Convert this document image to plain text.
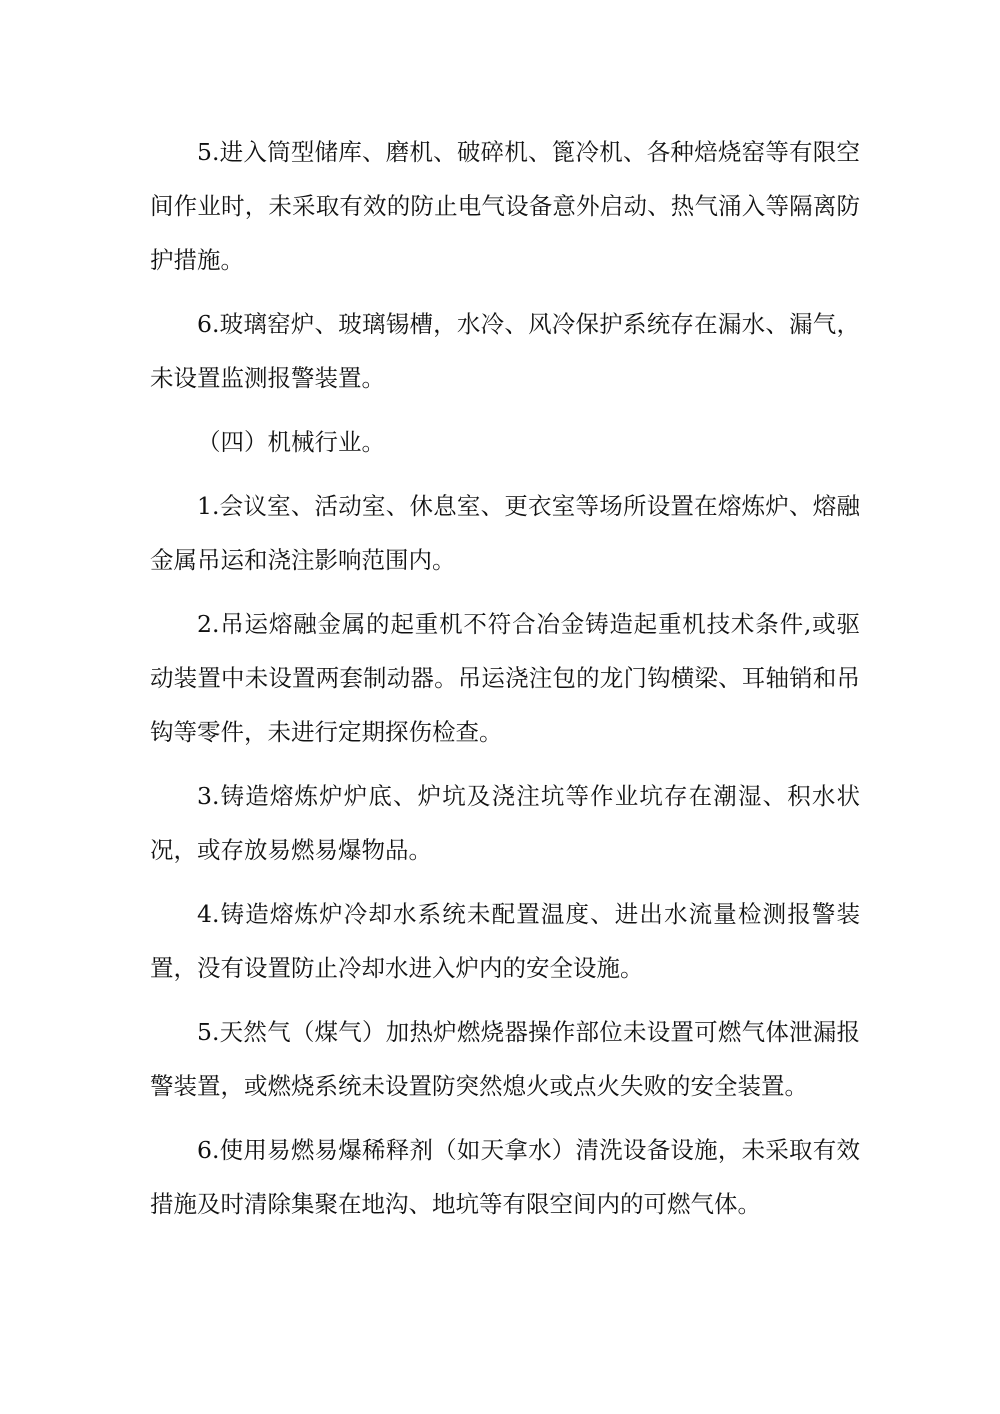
5.进入筒型储库、磨机、破碎机、篦冷机、各种焙烧窑等有限空间作业时，未采取有效的防止电气设备意外启动、热气涌入等隔离防护措施。

6.玻璃窑炉、玻璃锡槽，水冷、风冷保护系统存在漏水、漏气，未设置监测报警装置。

（四）机械行业。

1.会议室、活动室、休息室、更衣室等场所设置在熔炼炉、熔融金属吊运和浇注影响范围内。

2.吊运熔融金属的起重机不符合冶金铸造起重机技术条件,或驱动装置中未设置两套制动器。吊运浇注包的龙门钩横梁、耳轴销和吊钩等零件，未进行定期探伤检查。

3.铸造熔炼炉炉底、炉坑及浇注坑等作业坑存在潮湿、积水状况，或存放易燃易爆物品。

4.铸造熔炼炉冷却水系统未配置温度、进出水流量检测报警装置，没有设置防止冷却水进入炉内的安全设施。

5.天然气（煤气）加热炉燃烧器操作部位未设置可燃气体泄漏报警装置，或燃烧系统未设置防突然熄火或点火失败的安全装置。

6.使用易燃易爆稀释剂（如天拿水）清洗设备设施，未采取有效措施及时清除集聚在地沟、地坑等有限空间内的可燃气体。
